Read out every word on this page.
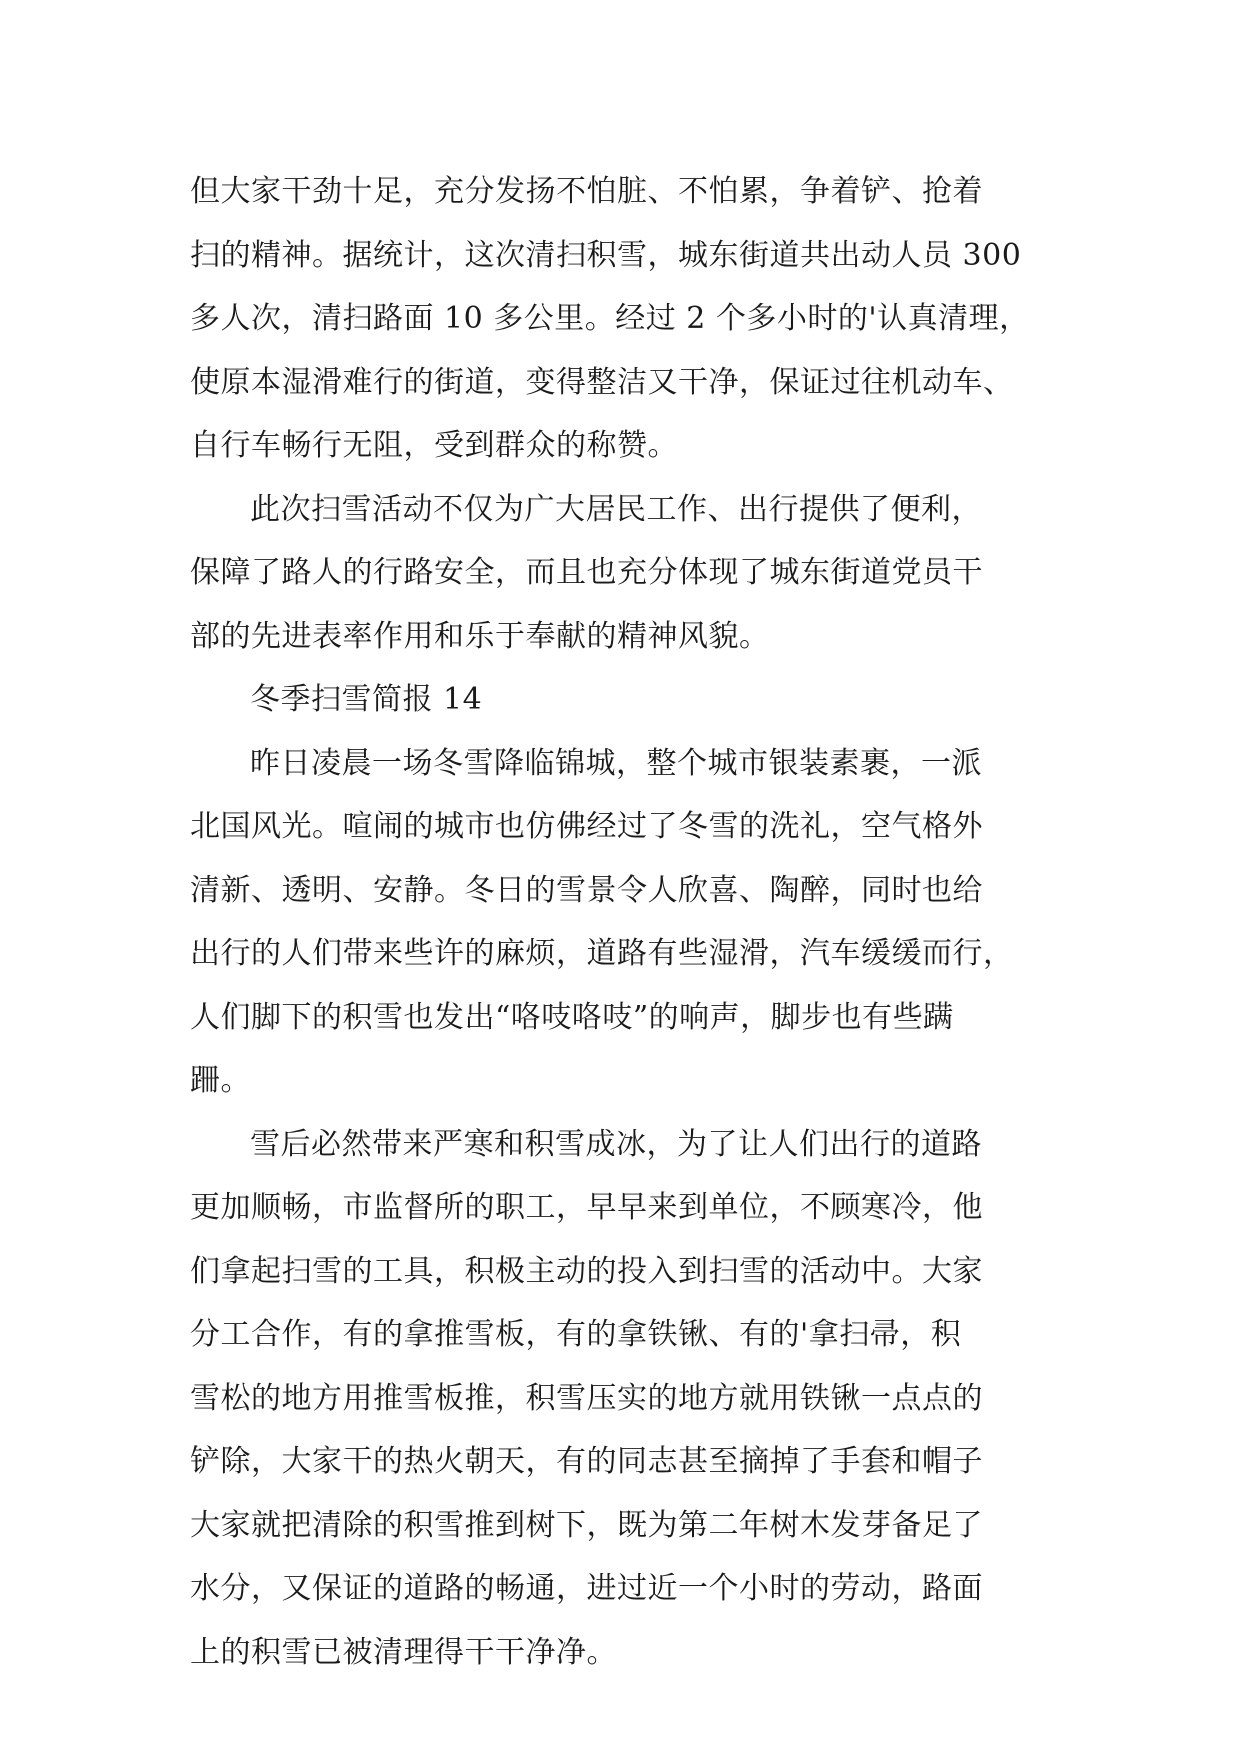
但大家干劲十足，充分发扬不怕脏、不怕累，争着铲、抢着
扫的精神。据统计，这次清扫积雪，城东街道共出动人员 300
多人次，清扫路面 10 多公里。经过 2 个多小时的'认真清理，
使原本湿滑难行的街道，变得整洁又干净，保证过往机动车、
自行车畅行无阻，受到群众的称赞。
此次扫雪活动不仅为广大居民工作、出行提供了便利，
保障了路人的行路安全，而且也充分体现了城东街道党员干
部的先进表率作用和乐于奉献的精神风貌。
冬季扫雪简报 14
昨日凌晨一场冬雪降临锦城，整个城市银装素裹，一派
北国风光。喧闹的城市也仿佛经过了冬雪的洗礼，空气格外
清新、透明、安静。冬日的雪景令人欣喜、陶醉，同时也给
出行的人们带来些许的麻烦，道路有些湿滑，汽车缓缓而行，
人们脚下的积雪也发出“咯吱咯吱”的响声，脚步也有些蹒
跚。
雪后必然带来严寒和积雪成冰，为了让人们出行的道路
更加顺畅，市监督所的职工，早早来到单位，不顾寒冷，他
们拿起扫雪的工具，积极主动的投入到扫雪的活动中。大家
分工合作，有的拿推雪板，有的拿铁锹、有的'拿扫帚，积
雪松的地方用推雪板推，积雪压实的地方就用铁锹一点点的
铲除，大家干的热火朝天，有的同志甚至摘掉了手套和帽子
大家就把清除的积雪推到树下，既为第二年树木发芽备足了
水分，又保证的道路的畅通，进过近一个小时的劳动，路面
上的积雪已被清理得干干净净。
